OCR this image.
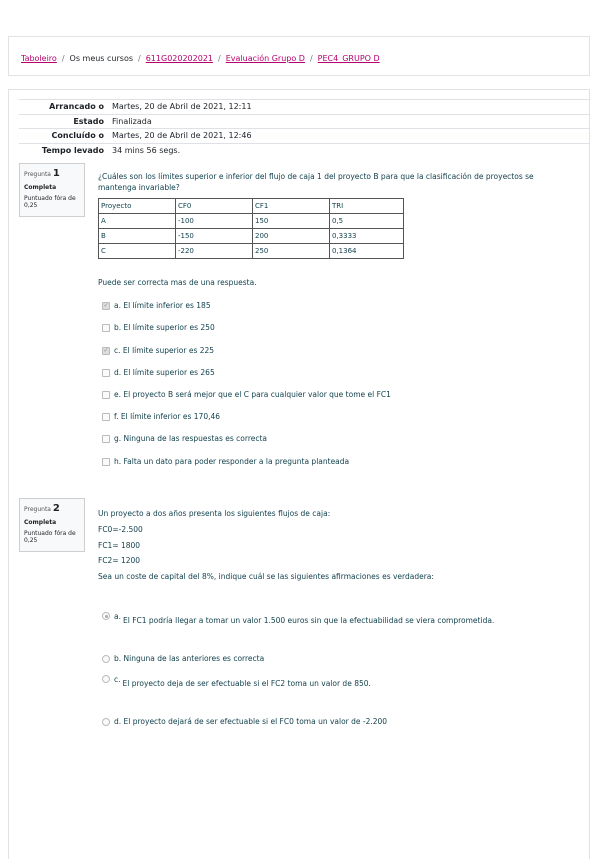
Taboleiro / Os meus cursos / 611G020202021 / Evaluación Grupo D / PEC4_GRUPO D
Arrancado o	Martes, 20 de Abril de 2021, 12:11
Estado	Finalizada
Concluído o	Martes, 20 de Abril de 2021, 12:46
Tempo levado	34 mins 56 segs.
Pregunta 1
Completa
Puntuado fóra de 0,25
¿Cuáles son los límites superior e inferior del flujo de caja 1 del proyecto B para que la clasificación de proyectos se mantenga invariable?
Proyecto	CF0	CF1	TRI
A	-100	150	0,5
B	-150	200	0,3333
C	-220	250	0,1364
Puede ser correcta mas de una respuesta.
✓ a. El límite inferior es 185
b. El límite superior es 250
✓ c. El límite superior es 225
d. El límite superior es 265
e. El proyecto B será mejor que el C para cualquier valor que tome el FC1
f. El límite inferior es 170,46
g. Ninguna de las respuestas es correcta
h. Falta un dato para poder responder a la pregunta planteada
Pregunta 2
Completa
Puntuado fóra de 0,25
Un proyecto a dos años presenta los siguientes flujos de caja:
FC0=-2.500
FC1= 1800
FC2= 1200
Sea un coste de capital del 8%, indique cuál se las siguientes afirmaciones es verdadera:
a. El FC1 podría llegar a tomar un valor 1.500 euros sin que la efectuabilidad se viera comprometida.
b. Ninguna de las anteriores es correcta
c. El proyecto deja de ser efectuable si el FC2 toma un valor de 850.
d. El proyecto dejará de ser efectuable si el FC0 toma un valor de -2.200
